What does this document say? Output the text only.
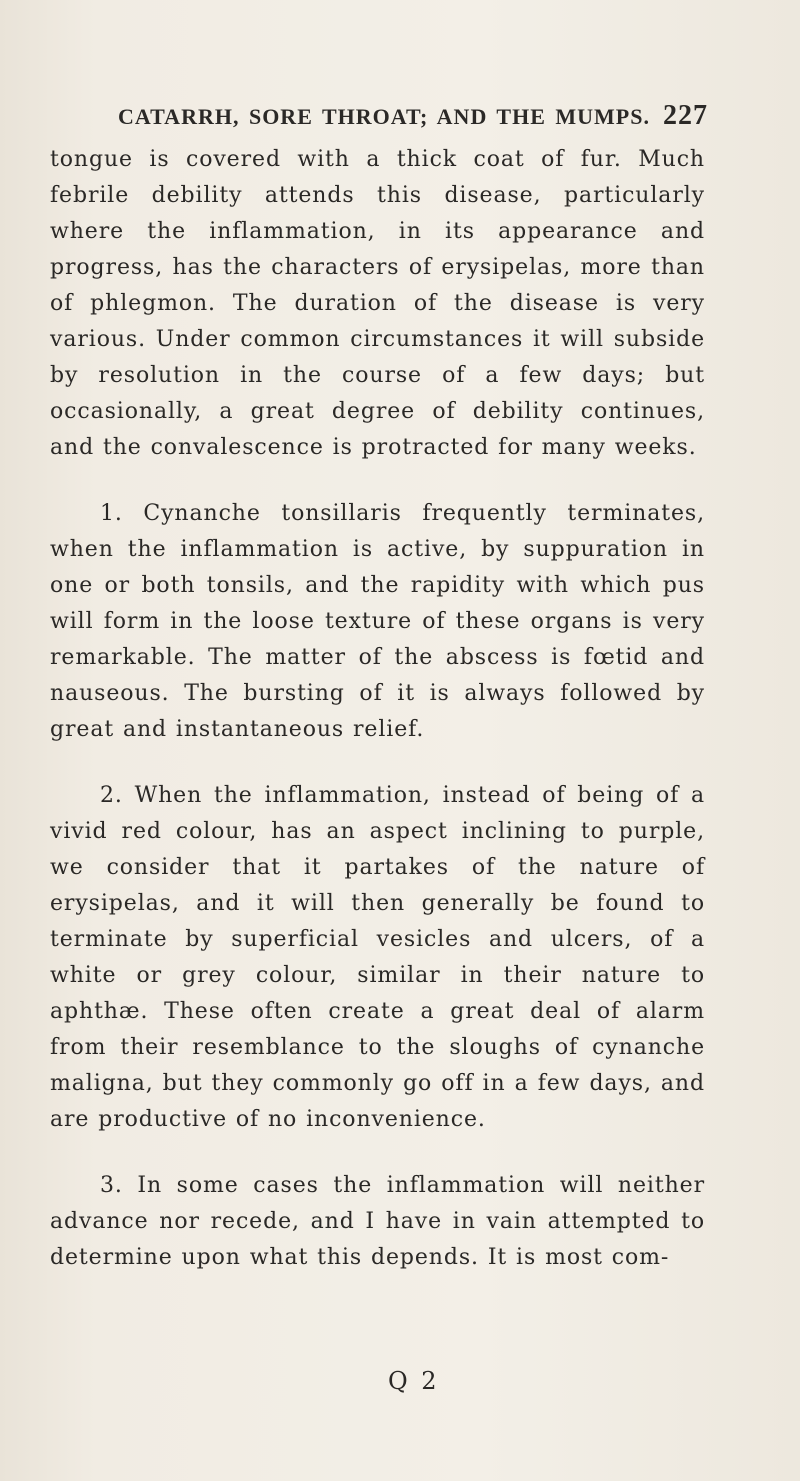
CATARRH, SORE THROAT; AND THE MUMPS. 227

tongue is covered with a thick coat of fur. Much febrile debility attends this disease, particularly where the inflammation, in its appearance and progress, has the characters of erysipelas, more than of phlegmon. The duration of the disease is very various. Under common circumstances it will subside by resolution in the course of a few days; but occasionally, a great degree of debility continues, and the convalescence is protracted for many weeks.

1. Cynanche tonsillaris frequently terminates, when the inflammation is active, by suppuration in one or both tonsils, and the rapidity with which pus will form in the loose texture of these organs is very remarkable. The matter of the abscess is fœtid and nauseous. The bursting of it is always followed by great and instantaneous relief.

2. When the inflammation, instead of being of a vivid red colour, has an aspect inclining to purple, we consider that it partakes of the nature of erysipelas, and it will then generally be found to terminate by superficial vesicles and ulcers, of a white or grey colour, similar in their nature to aphthæ. These often create a great deal of alarm from their resemblance to the sloughs of cynanche maligna, but they commonly go off in a few days, and are productive of no inconvenience.

3. In some cases the inflammation will neither advance nor recede, and I have in vain attempted to determine upon what this depends. It is most com-

Q 2
